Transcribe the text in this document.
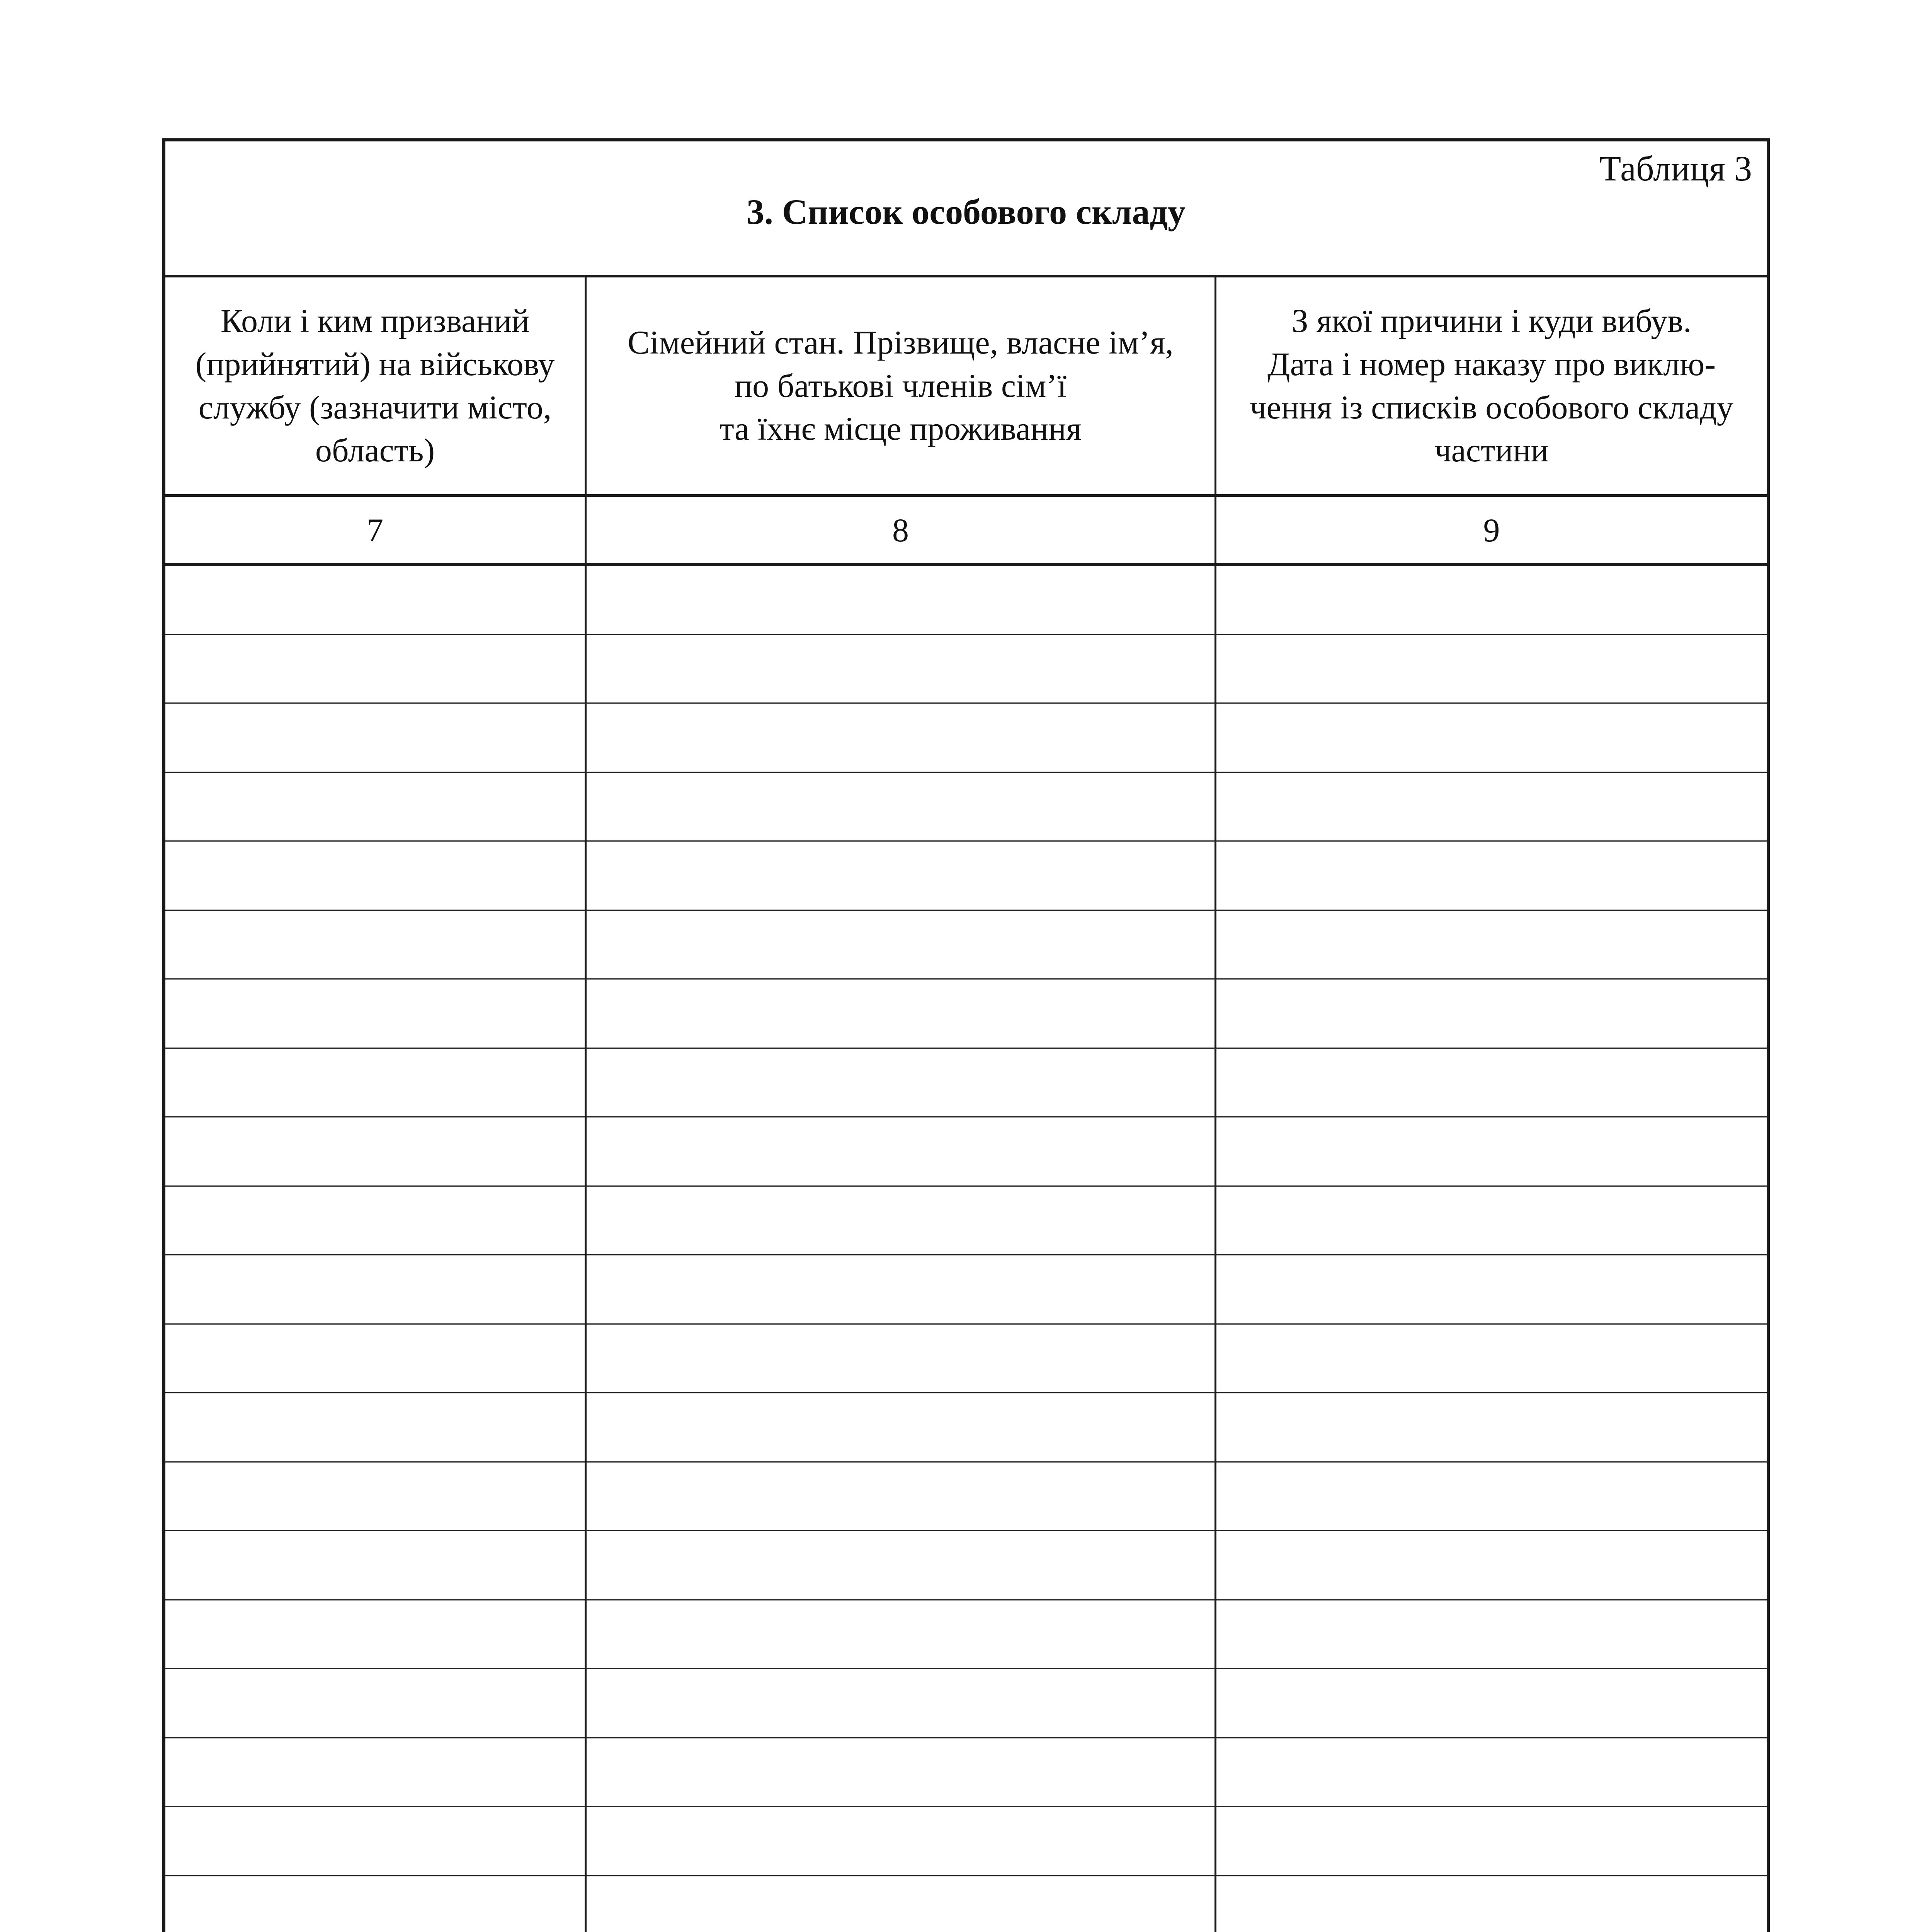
Таблиця 3
3. Список особового складу
Коли і ким призваний
(прийнятий) на військову
службу (зазначити місто,
область)
Сімейний стан. Прізвище, власне ім’я,
по батькові членів сім’ї
та їхнє місце проживання
З якої причини і куди вибув.
Дата і номер наказу про виклю-
чення із списків особового складу
частини
7	8	9
